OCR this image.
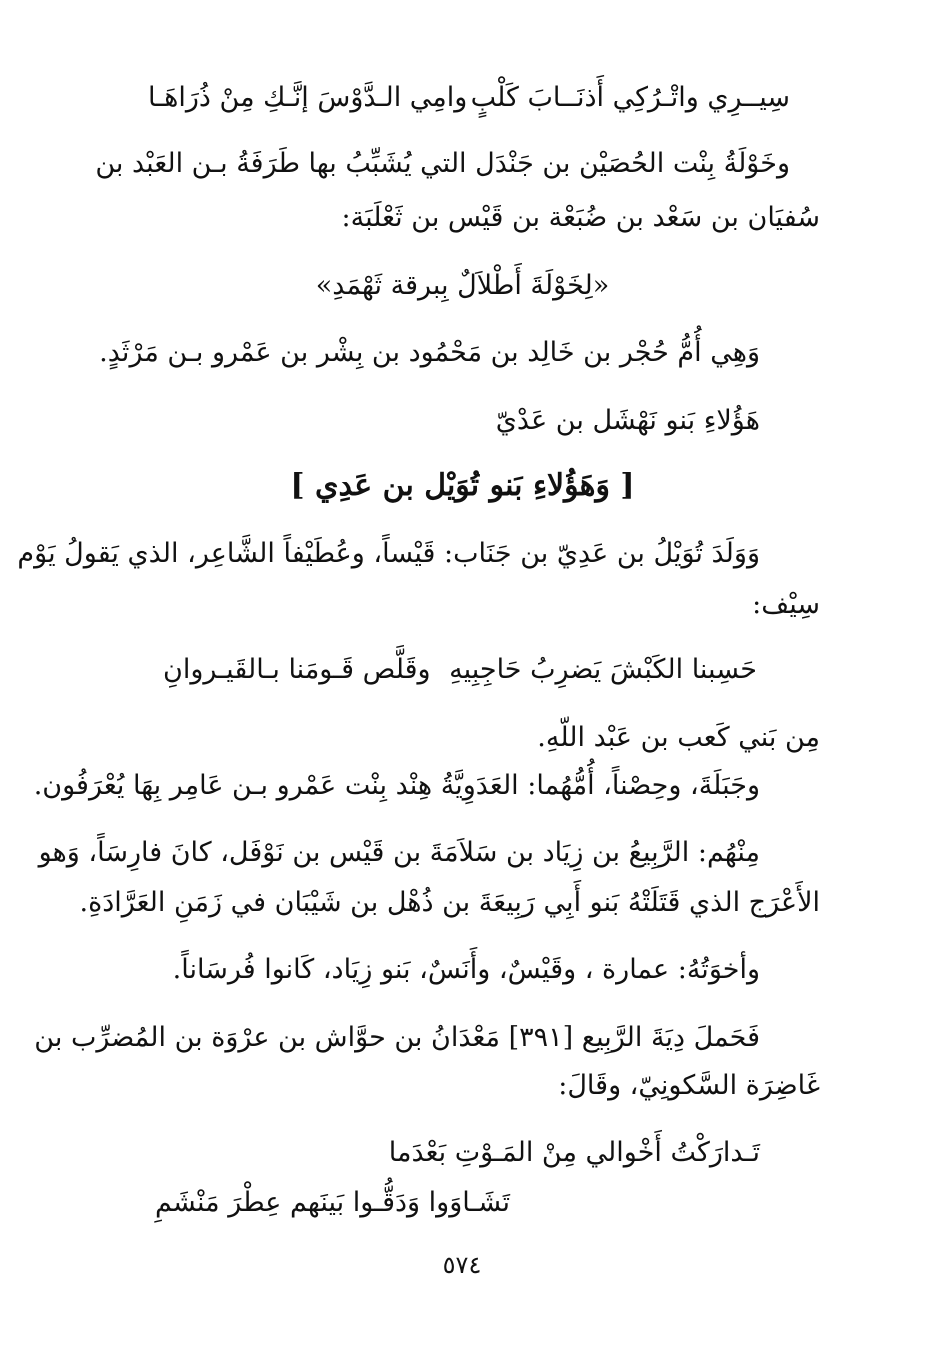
سِيــرِي واتْـرُكِي أَذنَــابَ كَلْبٍ
وامِي الـدَّوْسَ إنَّـكِ مِنْ ذُرَاهَـا
وخَوْلَةُ بِنْت الحُصَيْن بن جَنْدَل التي يُشَبِّبُ بها طَرَفَةُ بـن العَبْد بن
سُفيَان بن سَعْد بن ضُبَعْة بن قَيْس بن ثَعْلَبَة:
«لِخَوْلَةَ أَطْلاَلٌ بِبرقة ثَهْمَدِ»
وَهِي أُمُّ حُجْر بن خَالِد بن مَحْمُود بن بِشْر بن عَمْرو بـن مَرْثَدٍ.
هَؤُلاءِ بَنو نَهْشَل بن عَدْيّ
[ وَهَؤُلاءِ بَنو تُوَيْل بن عَدِي ]
وَوَلَدَ تُوَيْلُ بن عَدِيّ بن جَنَاب: قَيْساً، وعُطَيْفاً الشَّاعِر، الذي يَقولُ يَوْم
سِيْف:
حَسِبنا الكَبْشَ يَضرِبُ حَاجِبِيهِ
وقَلَّص قَـومَنا بـالقَيـروانِ
مِن بَني كَعب بن عَبْد اللّهِ.
وجَبَلَةَ، وحِصْناً، أُمُّهُما: العَدَوِيَّةُ هِنْد بِنْت عَمْرو بـن عَامِر بِهَا يُعْرَفُون.
مِنْهُم: الرَّبِيعُ بن زِيَاد بن سَلاَمَةَ بن قَيْس بن نَوْفَل، كانَ فارِسَاً، وَهو
الأَعْرَج الذي قَتَلَتْهُ بَنو أَبِي رَبِيعَةَ بن ذُهْل بن شَيْبَان في زَمَنِ العَرَّادَةِ.
وأخوَتُهُ: عمارة ، وقَيْسٌ، وأَنَسٌ، بَنو زِيَاد، كَانوا فُرسَاناً.
فَحَملَ دِيَةَ الرَّبِيع [٣٩١] مَعْدَانُ بن حوَّاش بن عرْوَة بن المُضرِّب بن
غَاضِرَة السَّكونِيّ، وقَالَ:
تَـدارَكْتُ أَخْوالي مِنْ المَـوْتِ بَعْدَما
تَشَـاوَوا وَدَقُّـوا بَينَهم عِطْرَ مَنْشَمِ
٥٧٤
